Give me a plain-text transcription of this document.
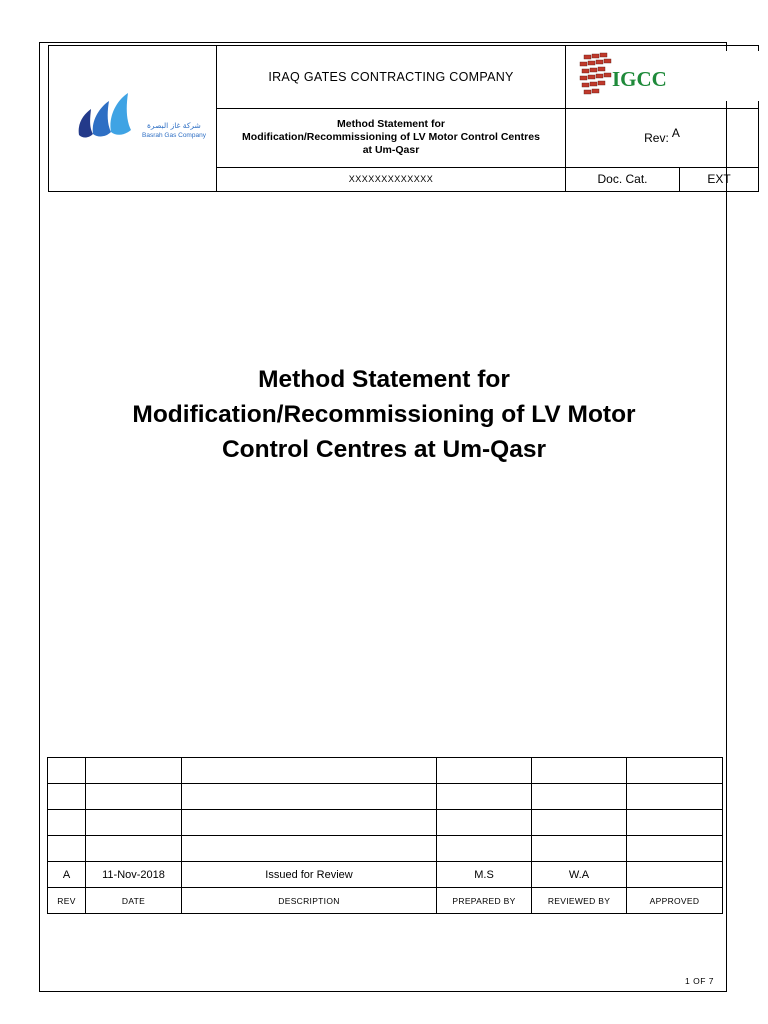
شركة غاز البصرة
Basrah Gas Company	IRAQ GATES CONTRACTING COMPANY	IGCC	

	Method Statement for
Modification/Recommissioning of LV Motor Control Centres
at Um-Qasr	Rev: A	
	XXXXXXXXXXXXX	Doc. Cat.	EXT
Method Statement for
Modification/Recommissioning of LV Motor
Control Centres at Um-Qasr

A	11-Nov-2018	Issued for Review	M.S	W.A	
REV	DATE	DESCRIPTION	PREPARED BY	REVIEWED BY	APPROVED
1 OF 7
